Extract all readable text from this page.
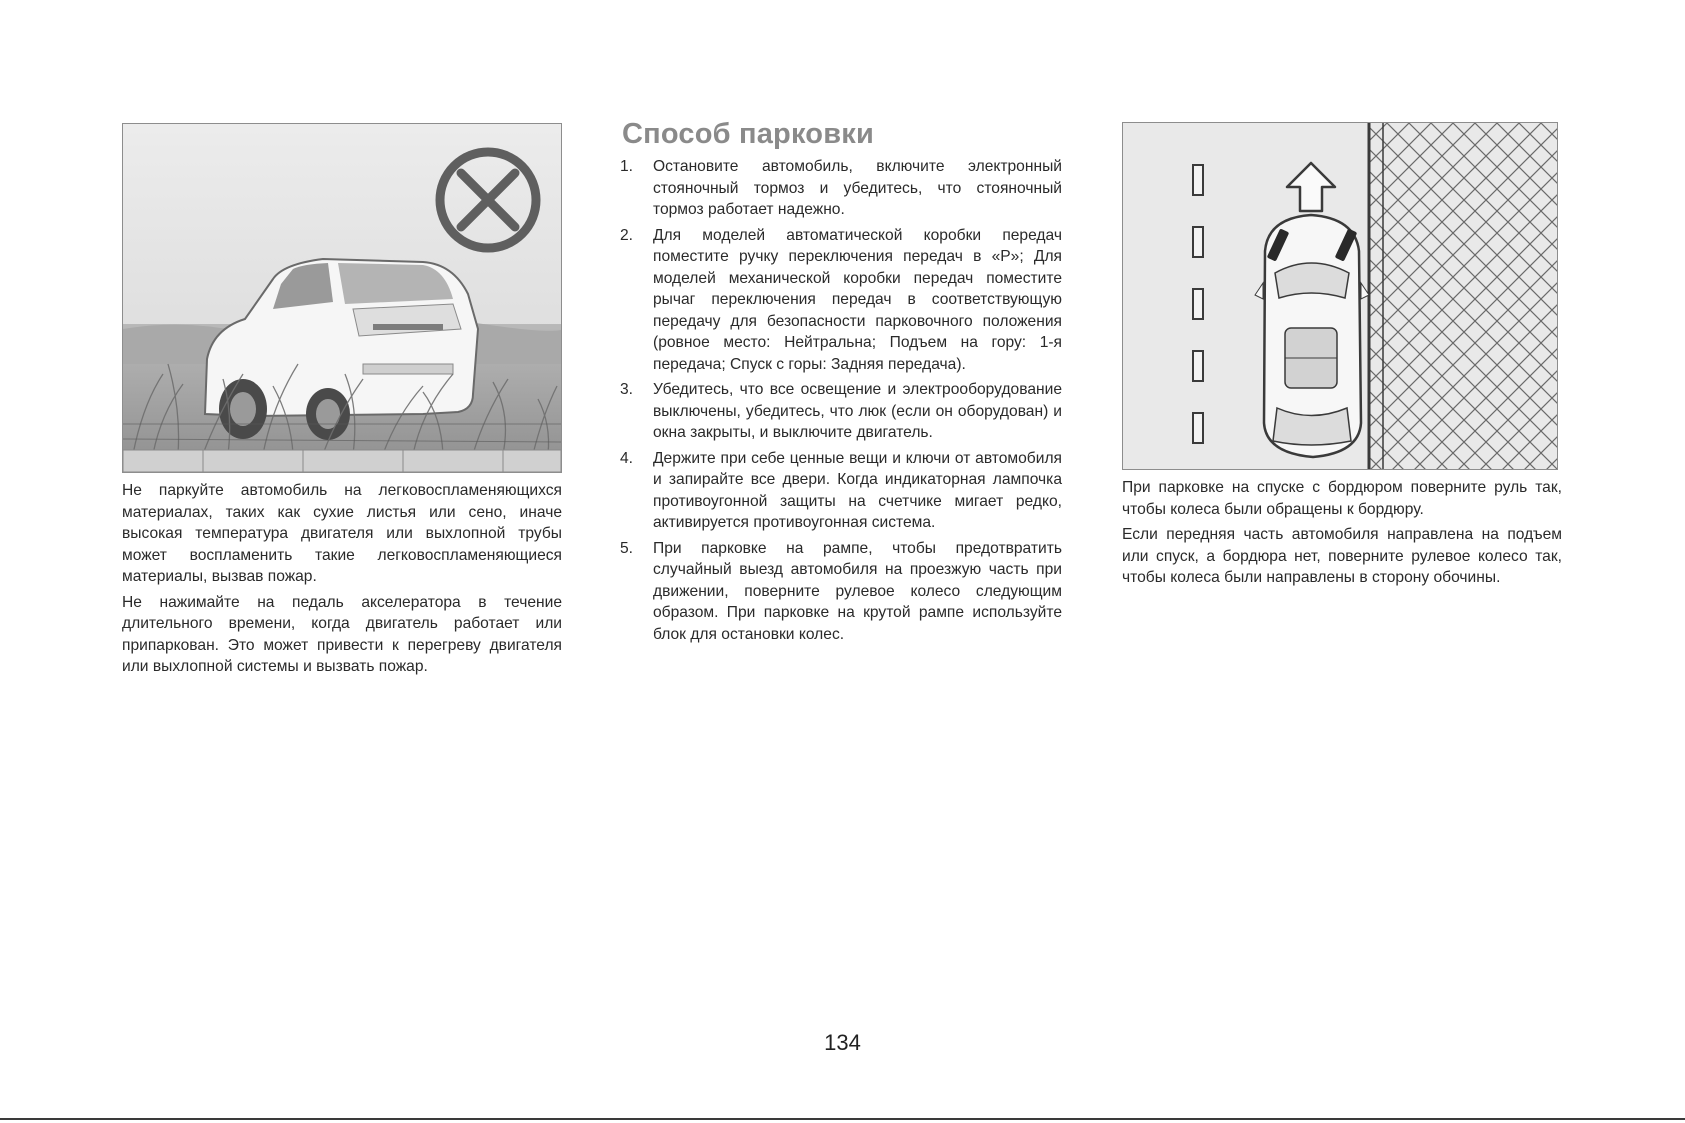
Не паркуйте автомобиль на легковоспламеняющихся материалах, таких как сухие листья или сено, иначе высокая температура двигателя или выхлопной трубы может воспламенить такие легковоспламеняющиеся материалы, вызвав пожар.

Не нажимайте на педаль акселератора в течение длительного времени, когда двигатель работает или припаркован. Это может привести к перегреву двигателя или выхлопной системы и вызвать пожар.

Способ парковки
1. Остановите автомобиль, включите электронный стояночный тормоз и убедитесь, что стояночный тормоз работает надежно.

2. Для моделей автоматической коробки передач поместите ручку переключения передач в «P»; Для моделей механической коробки передач поместите рычаг переключения передач в соответствующую передачу для безопасности парковочного положения (ровное место: Нейтральна; Подъем на гору: 1-я передача; Спуск с горы: Задняя передача).

3. Убедитесь, что все освещение и электрооборудование выключены, убедитесь, что люк (если он оборудован) и окна закрыты, и выключите двигатель.

4. Держите при себе ценные вещи и ключи от автомобиля и запирайте все двери. Когда индикаторная лампочка противоугонной защиты на счетчике мигает редко, активируется противоугонная система.

5. При парковке на рампе, чтобы предотвратить случайный выезд автомобиля на проезжую часть при движении, поверните рулевое колесо следующим образом. При парковке на крутой рампе используйте блок для остановки колес.

При парковке на спуске с бордюром поверните руль так, чтобы колеса были обращены к бордюру.

Если передняя часть автомобиля направлена на подъем или спуск, а бордюра нет, поверните рулевое колесо так, чтобы колеса были направлены в сторону обочины.

134
